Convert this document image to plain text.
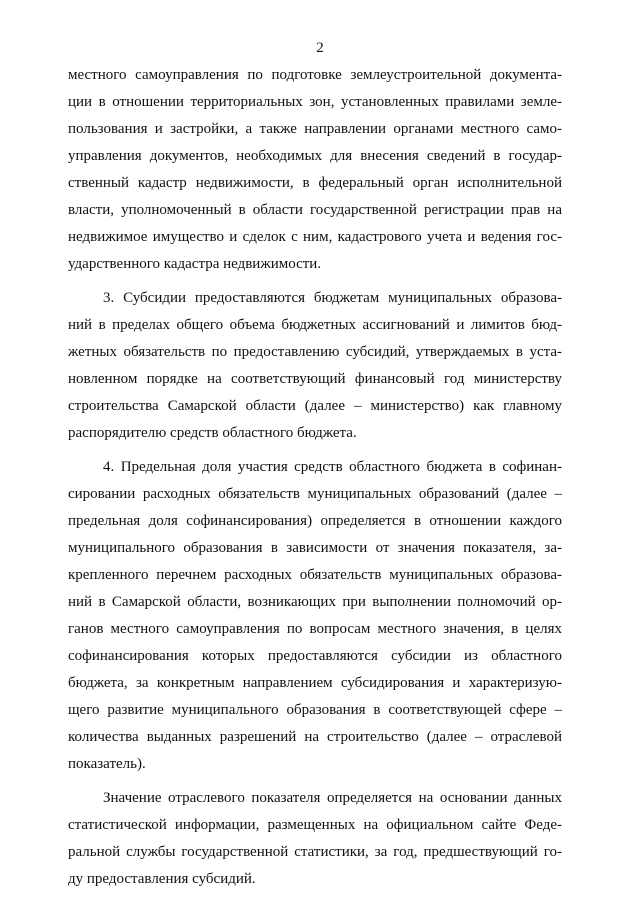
2
местного самоуправления по подготовке землеустроительной документа-
ции в отношении территориальных зон, установленных правилами земле-
пользования и застройки, а также направлении органами местного само-
управления документов, необходимых для внесения сведений в государ-
ственный кадастр недвижимости, в федеральный орган исполнительной
власти, уполномоченный в области государственной регистрации прав на
недвижимое имущество и сделок с ним, кадастрового учета и ведения гос-
ударственного кадастра недвижимости.
3. Субсидии предоставляются бюджетам муниципальных образова-
ний в пределах общего объема бюджетных ассигнований и лимитов бюд-
жетных обязательств по предоставлению субсидий, утверждаемых в уста-
новленном порядке на соответствующий финансовый год министерству
строительства Самарской области (далее – министерство) как главному
распорядителю средств областного бюджета.
4. Предельная доля участия средств областного бюджета в софинан-
сировании расходных обязательств муниципальных образований (далее –
предельная доля софинансирования) определяется в отношении каждого
муниципального образования в зависимости от значения показателя, за-
крепленного перечнем расходных обязательств муниципальных образова-
ний в Самарской области, возникающих при выполнении полномочий ор-
ганов местного самоуправления по вопросам местного значения, в целях
софинансирования которых предоставляются субсидии из областного
бюджета, за конкретным направлением субсидирования и характеризую-
щего развитие муниципального образования в соответствующей сфере –
количества выданных разрешений на строительство (далее – отраслевой
показатель).
Значение отраслевого показателя определяется на основании данных
статистической информации, размещенных на официальном сайте Феде-
ральной службы государственной статистики, за год, предшествующий го-
ду предоставления субсидий.
